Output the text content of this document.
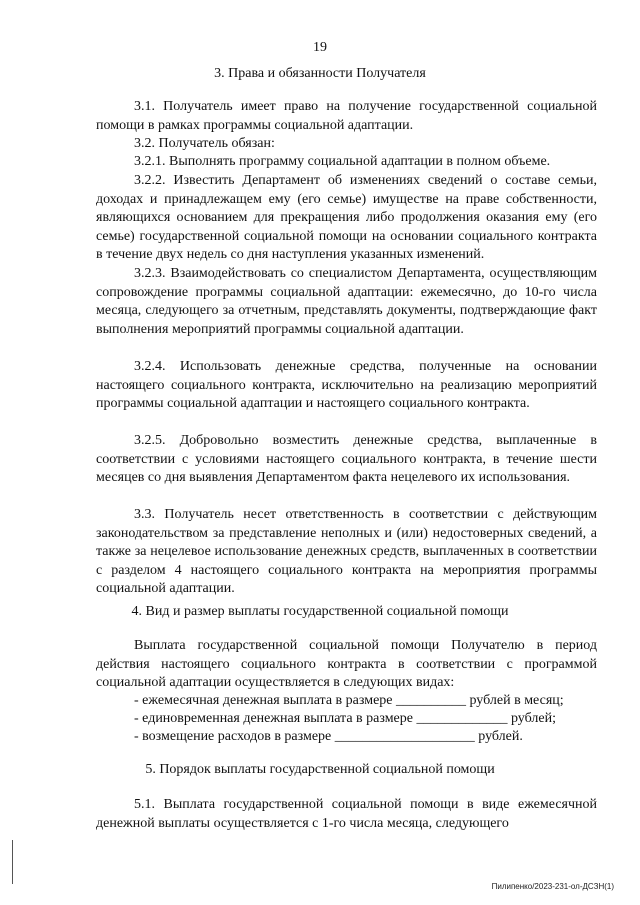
19
3. Права и обязанности Получателя

3.1. Получатель имеет право на получение государственной социальной помощи в рамках программы социальной адаптации.

3.2. Получатель обязан:

3.2.1. Выполнять программу социальной адаптации в полном объеме.

3.2.2. Известить Департамент об изменениях сведений о составе семьи, доходах и принадлежащем ему (его семье) имуществе на праве собственности, являющихся основанием для прекращения либо продолжения оказания ему (его семье) государственной социальной помощи на основании социального контракта в течение двух недель со дня наступления указанных изменений.

3.2.3. Взаимодействовать со специалистом Департамента, осуществляющим сопровождение программы социальной адаптации: ежемесячно, до 10-го числа месяца, следующего за отчетным, представлять документы, подтверждающие факт выполнения мероприятий программы социальной адаптации.

3.2.4. Использовать денежные средства, полученные на основании настоящего социального контракта, исключительно на реализацию мероприятий программы социальной адаптации и настоящего социального контракта.

3.2.5. Добровольно возместить денежные средства, выплаченные в соответствии с условиями настоящего социального контракта, в течение шести месяцев со дня выявления Департаментом факта нецелевого их использования.

3.3. Получатель несет ответственность в соответствии с действующим законодательством за представление неполных и (или) недостоверных сведений, а также за нецелевое использование денежных средств, выплаченных в соответствии с разделом 4 настоящего социального контракта на мероприятия программы социальной адаптации.

4. Вид и размер выплаты государственной социальной помощи

Выплата государственной социальной помощи Получателю в период действия настоящего социального контракта в соответствии с программой социальной адаптации осуществляется в следующих видах:

- ежемесячная денежная выплата в размере __________ рублей в месяц;
- единовременная денежная выплата в размере _____________ рублей;
- возмещение расходов в размере ____________________ рублей.
5. Порядок выплаты государственной социальной помощи

5.1. Выплата государственной социальной помощи в виде ежемесячной денежной выплаты осуществляется с 1-го числа месяца, следующего

Пилипенко/2023-231-ол-ДСЗН(1)
